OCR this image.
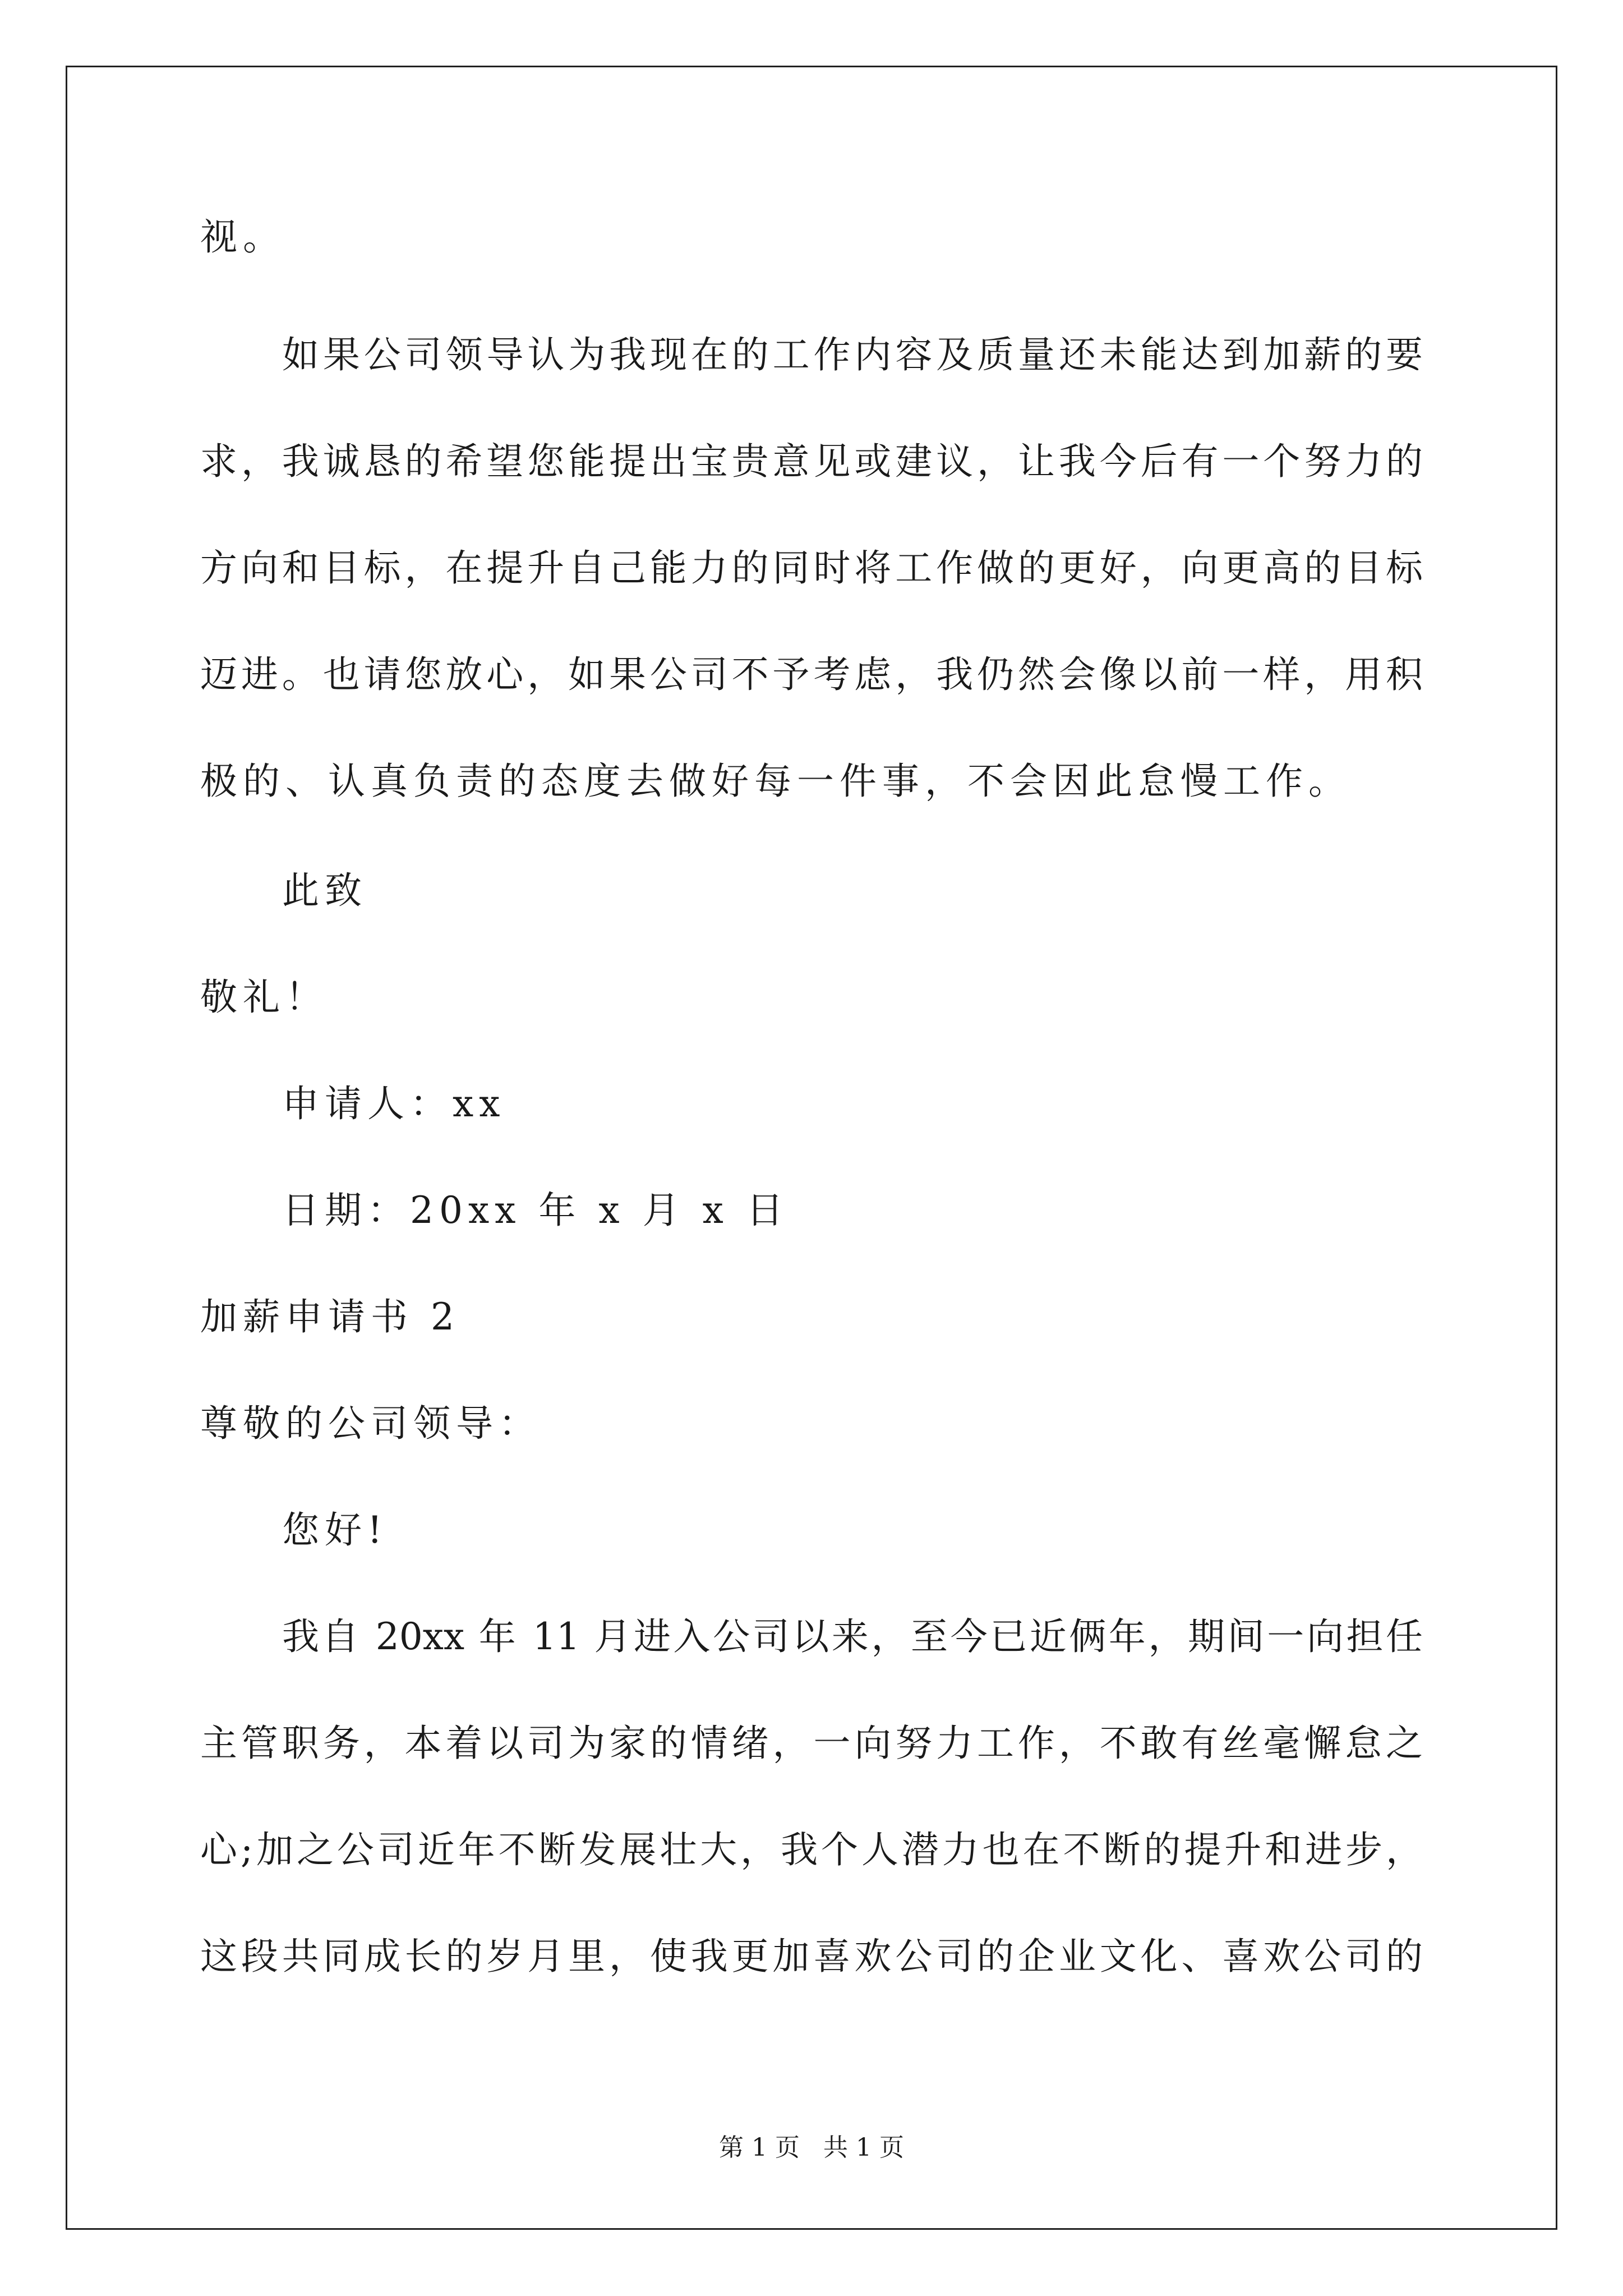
视。
如果公司领导认为我现在的工作内容及质量还未能达到加薪的要
求，我诚恳的希望您能提出宝贵意见或建议，让我今后有一个努力的
方向和目标，在提升自己能力的同时将工作做的更好，向更高的目标
迈进。也请您放心，如果公司不予考虑，我仍然会像以前一样，用积
极的、认真负责的态度去做好每一件事，不会因此怠慢工作。
此致
敬礼！
申请人：xx
日期：20xx 年 x 月 x 日
加薪申请书 2
尊敬的公司领导：
您好!
我自 20xx 年 11 月进入公司以来，至今已近俩年，期间一向担任
主管职务，本着以司为家的情绪，一向努力工作，不敢有丝毫懈怠之
心;加之公司近年不断发展壮大，我个人潜力也在不断的提升和进步，
这段共同成长的岁月里，使我更加喜欢公司的企业文化、喜欢公司的
第 1 页   共 1 页
